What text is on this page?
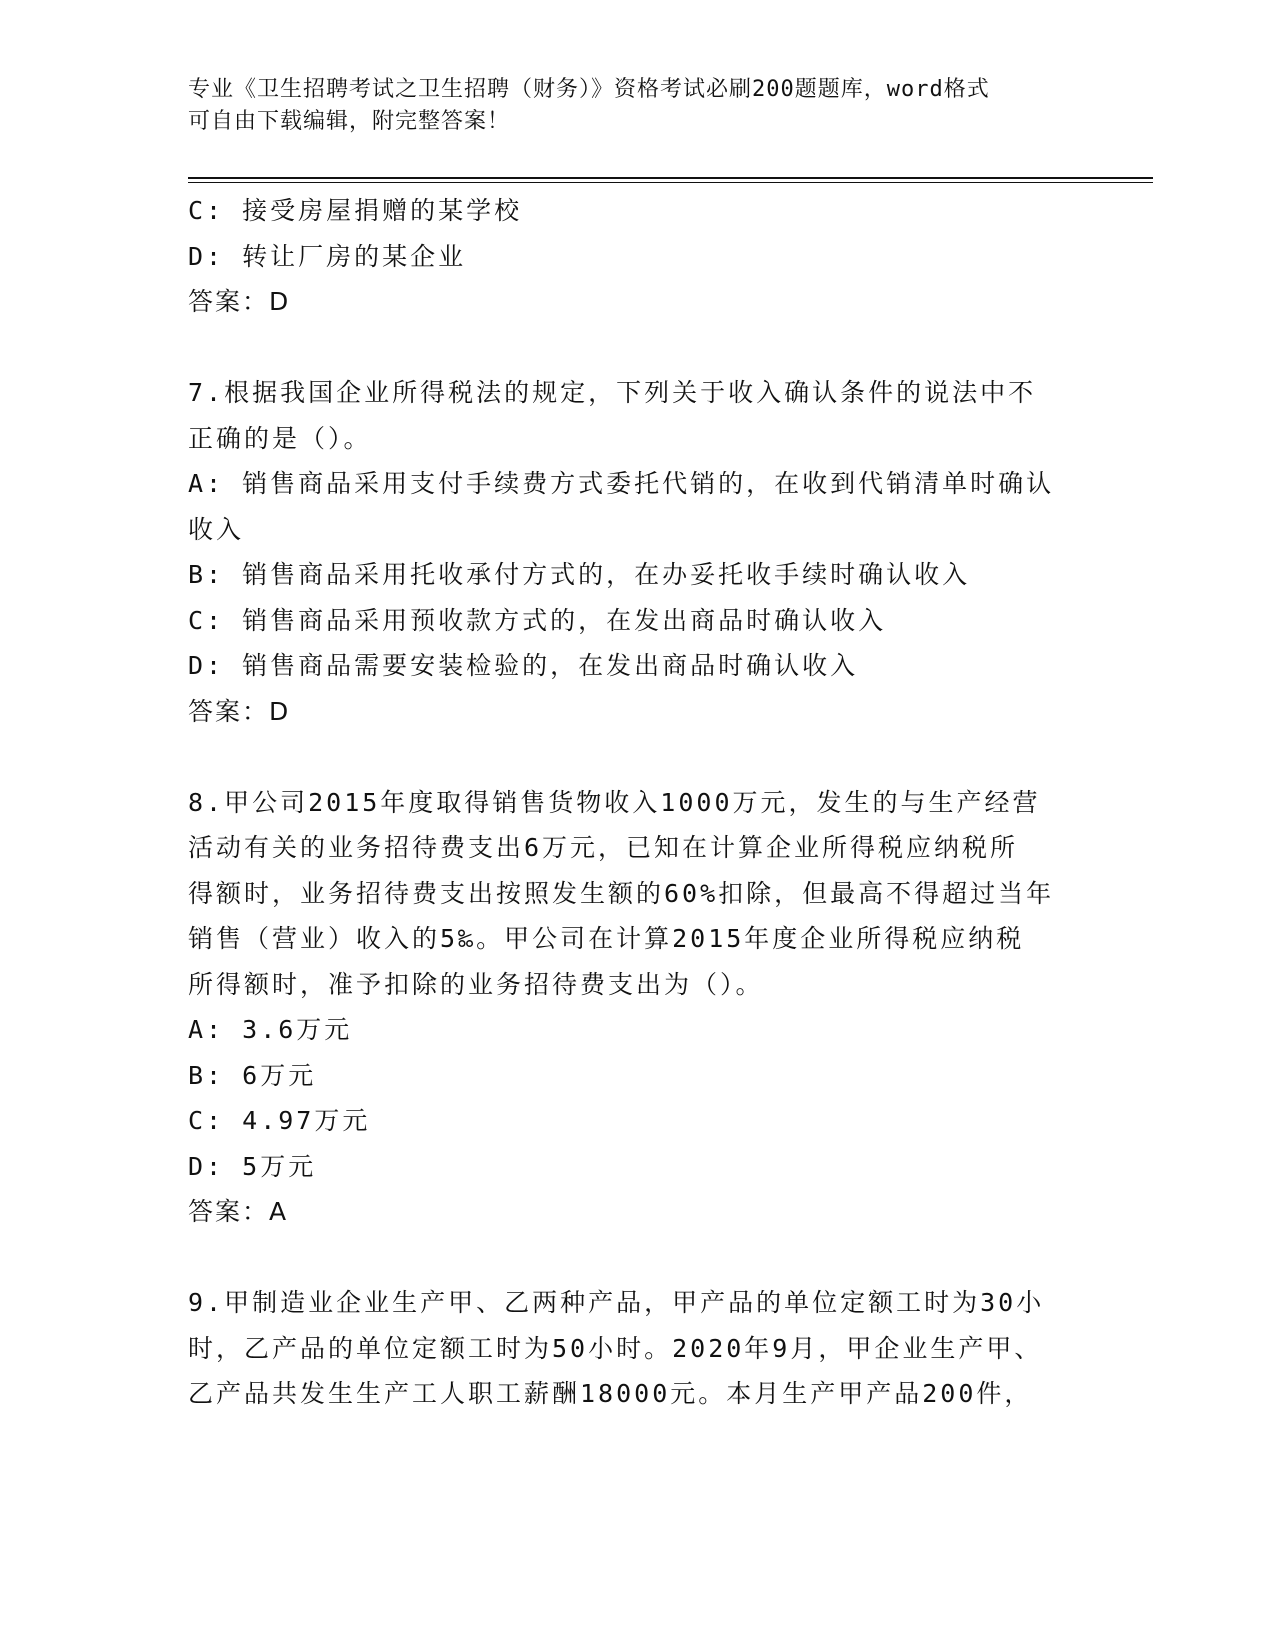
专业《卫生招聘考试之卫生招聘（财务）》资格考试必刷200题题库，word格式
可自由下载编辑，附完整答案！
C: 接受房屋捐赠的某学校
D: 转让厂房的某企业
答案：D
7.根据我国企业所得税法的规定，下列关于收入确认条件的说法中不
正确的是（）。
A: 销售商品采用支付手续费方式委托代销的，在收到代销清单时确认
收入
B: 销售商品采用托收承付方式的，在办妥托收手续时确认收入
C: 销售商品采用预收款方式的，在发出商品时确认收入
D: 销售商品需要安装检验的，在发出商品时确认收入
答案：D
8.甲公司2015年度取得销售货物收入1000万元，发生的与生产经营
活动有关的业务招待费支出6万元，已知在计算企业所得税应纳税所
得额时，业务招待费支出按照发生额的60%扣除，但最高不得超过当年
销售（营业）收入的5‰。甲公司在计算2015年度企业所得税应纳税
所得额时，准予扣除的业务招待费支出为（）。
A: 3.6万元
B: 6万元
C: 4.97万元
D: 5万元
答案：A
9.甲制造业企业生产甲、乙两种产品，甲产品的单位定额工时为30小
时，乙产品的单位定额工时为50小时。2020年9月，甲企业生产甲、
乙产品共发生生产工人职工薪酬18000元。本月生产甲产品200件，
